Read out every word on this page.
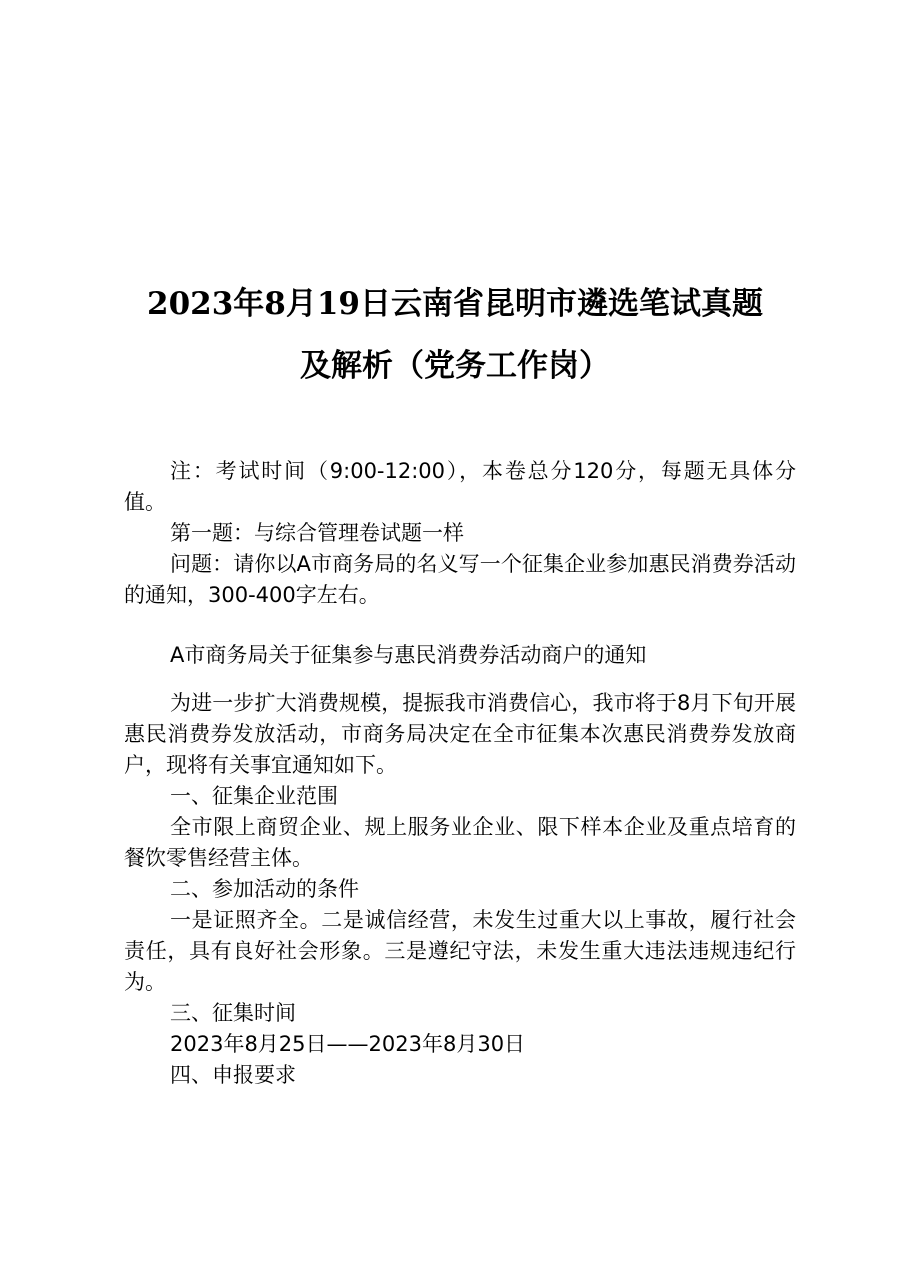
2023年8月19日云南省昆明市遴选笔试真题
及解析（党务工作岗）

注：考试时间（9:00-12:00），本卷总分120分，每题无具体分值。

第一题：与综合管理卷试题一样

问题：请你以A市商务局的名义写一个征集企业参加惠民消费券活动的通知，300-400字左右。

A市商务局关于征集参与惠民消费券活动商户的通知

为进一步扩大消费规模，提振我市消费信心，我市将于8月下旬开展惠民消费券发放活动，市商务局决定在全市征集本次惠民消费券发放商户，现将有关事宜通知如下。

一、征集企业范围

全市限上商贸企业、规上服务业企业、限下样本企业及重点培育的餐饮零售经营主体。

二、参加活动的条件

一是证照齐全。二是诚信经营，未发生过重大以上事故，履行社会责任，具有良好社会形象。三是遵纪守法，未发生重大违法违规违纪行为。

三、征集时间

2023年8月25日——2023年8月30日

四、申报要求
